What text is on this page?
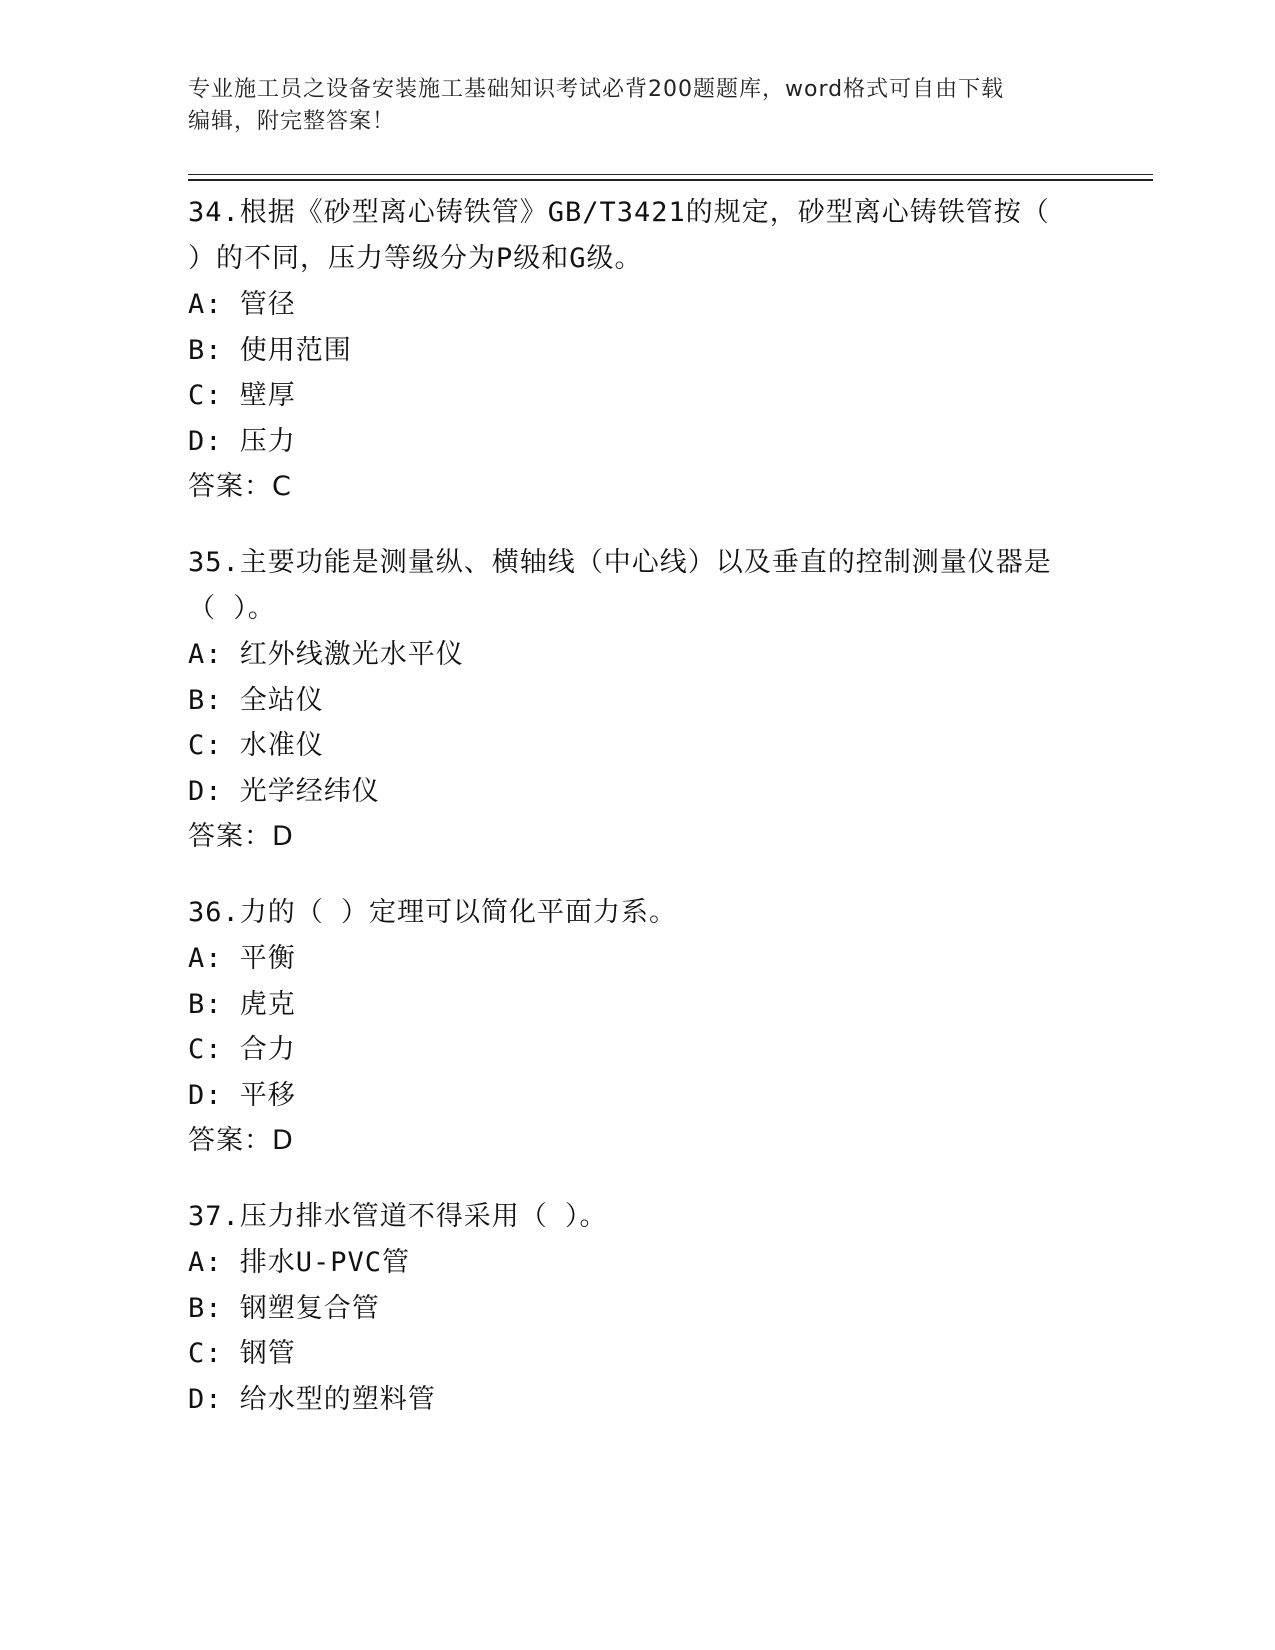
专业施工员之设备安装施工基础知识考试必背200题题库，word格式可自由下载
编辑，附完整答案！

34.根据《砂型离心铸铁管》GB/T3421的规定，砂型离心铸铁管按（
）的不同，压力等级分为P级和G级。

A: 管径

B: 使用范围

C: 壁厚

D: 压力

答案：C

35.主要功能是测量纵、横轴线（中心线）以及垂直的控制测量仪器是
（ ）。

A: 红外线激光水平仪

B: 全站仪

C: 水准仪

D: 光学经纬仪

答案：D

36.力的（ ）定理可以简化平面力系。

A: 平衡

B: 虎克

C: 合力

D: 平移

答案：D

37.压力排水管道不得采用（ ）。

A: 排水U-PVC管

B: 钢塑复合管

C: 钢管

D: 给水型的塑料管
